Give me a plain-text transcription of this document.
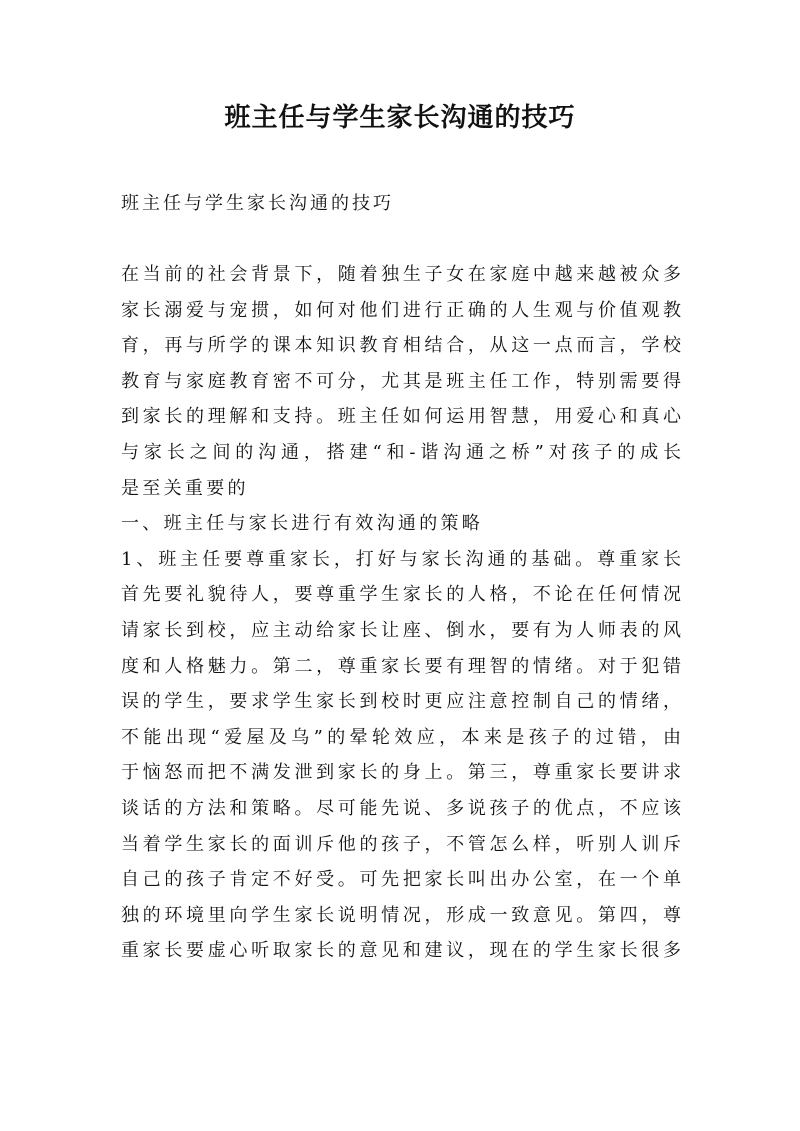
班主任与学生家长沟通的技巧
班主任与学生家长沟通的技巧
在当前的社会背景下，随着独生子女在家庭中越来越被众多
家长溺爱与宠掼，如何对他们进行正确的人生观与价值观教
育，再与所学的课本知识教育相结合，从这一点而言，学校
教育与家庭教育密不可分，尤其是班主任工作，特别需要得
到家长的理解和支持。班主任如何运用智慧，用爱心和真心
与家长之间的沟通，搭建“和-谐沟通之桥”对孩子的成长
是至关重要的
一、班主任与家长进行有效沟通的策略
1、班主任要尊重家长，打好与家长沟通的基础。尊重家长
首先要礼貌待人，要尊重学生家长的人格，不论在任何情况
请家长到校，应主动给家长让座、倒水，要有为人师表的风
度和人格魅力。第二，尊重家长要有理智的情绪。对于犯错
误的学生，要求学生家长到校时更应注意控制自己的情绪，
不能出现“爱屋及乌”的晕轮效应，本来是孩子的过错，由
于恼怒而把不满发泄到家长的身上。第三，尊重家长要讲求
谈话的方法和策略。尽可能先说、多说孩子的优点，不应该
当着学生家长的面训斥他的孩子，不管怎么样，听别人训斥
自己的孩子肯定不好受。可先把家长叫出办公室，在一个单
独的环境里向学生家长说明情况，形成一致意见。第四，尊
重家长要虚心听取家长的意见和建议，现在的学生家长很多
